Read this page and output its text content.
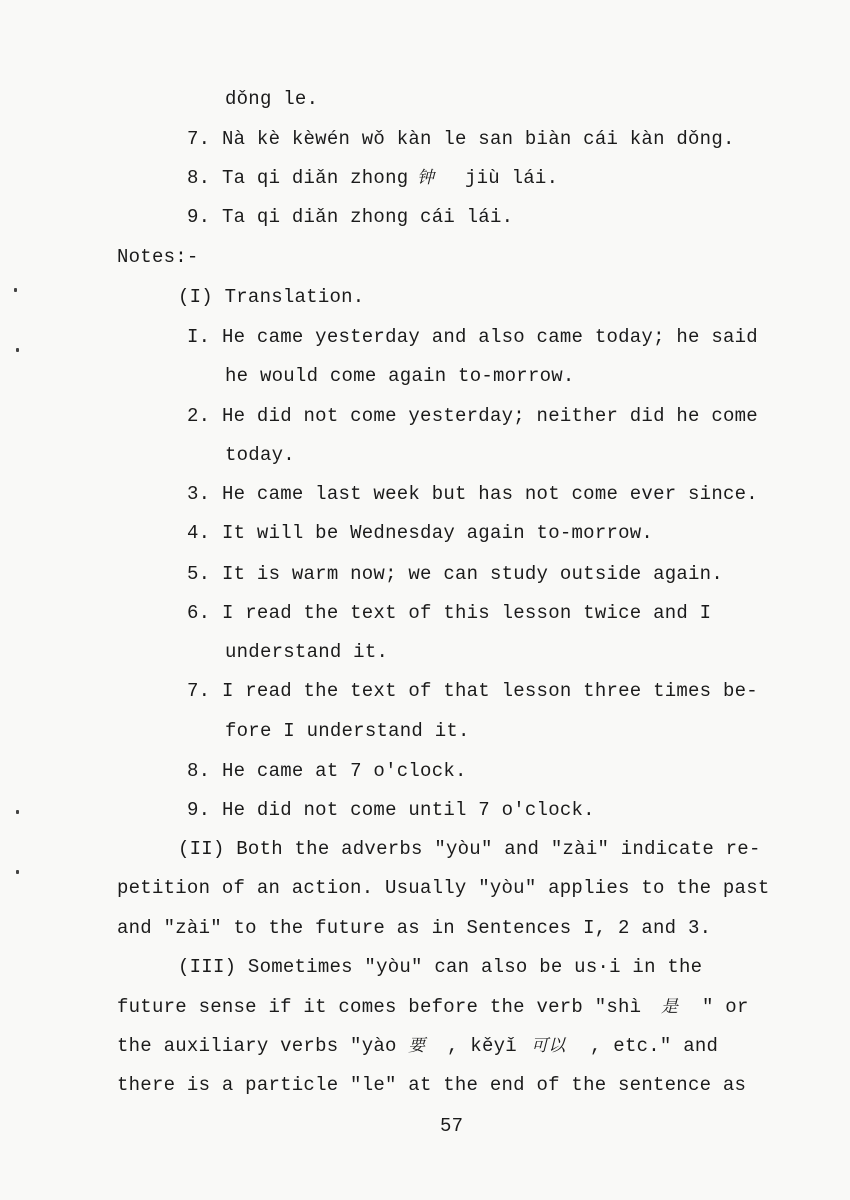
dǒng le.
7. Nà kè kèwén wǒ kàn le san biàn cái kàn dǒng.
8. Ta qi diǎn zhong 钟 jiù lái.
9. Ta qi diǎn zhong cái lái.
Notes:-
(I) Translation.
I. He came yesterday and also came today; he said
he would come again to-morrow.
2. He did not come yesterday; neither did he come
today.
3. He came last week but has not come ever since.
4. It will be Wednesday again to-morrow.
5. It is warm now; we can study outside again.
6. I read the text of this lesson twice and I
understand it.
7. I read the text of that lesson three times be-
fore I understand it.
8. He came at 7 o'clock.
9. He did not come until 7 o'clock.
(II) Both the adverbs "yòu" and "zài" indicate re-
petition of an action. Usually "yòu" applies to the past
and "zài" to the future as in Sentences I, 2 and 3.
(III) Sometimes "yòu" can also be us·i in the
future sense if it comes before the verb "shì 是 " or
the auxiliary verbs "yào 要 , kěyǐ 可以 , etc." and
there is a particle "le" at the end of the sentence as
57
